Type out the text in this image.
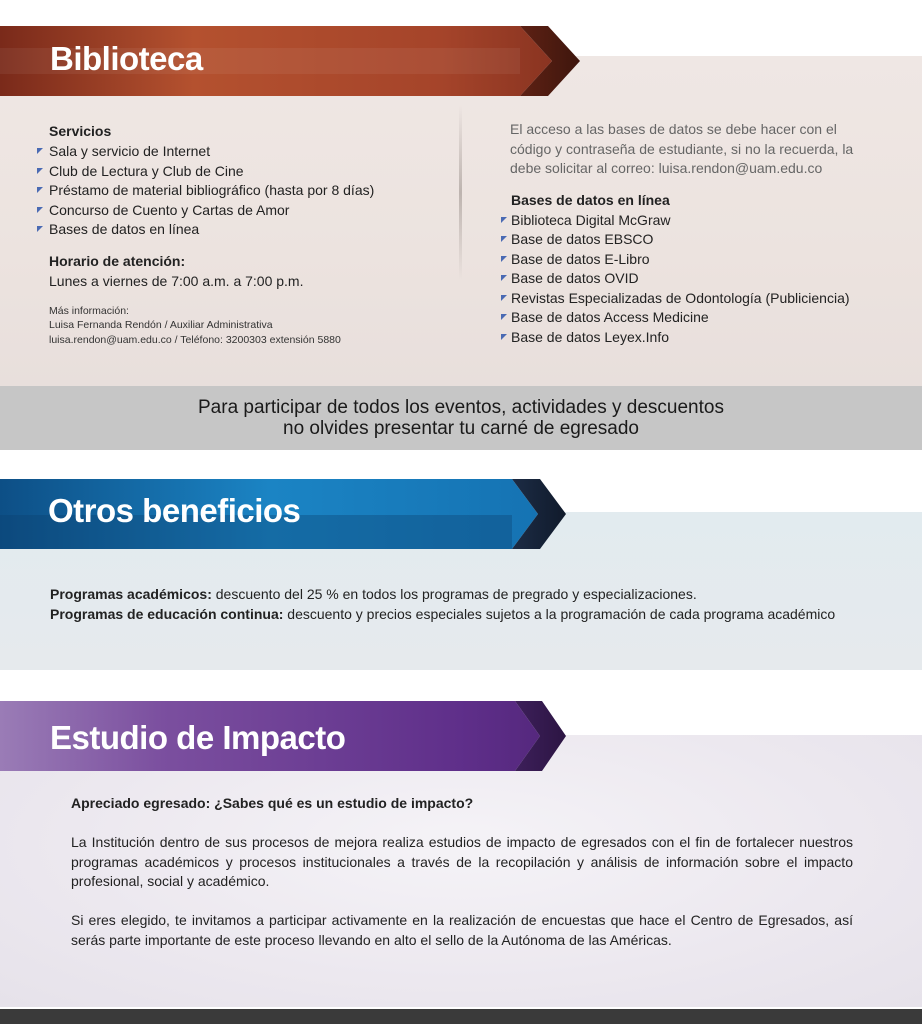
Biblioteca
Servicios
Sala y servicio de Internet
Club de Lectura y Club de Cine
Préstamo de material bibliográfico (hasta por 8 días)
Concurso de Cuento y Cartas de Amor
Bases de datos en línea
Horario de atención:
Lunes a viernes de 7:00 a.m. a 7:00 p.m.
Más información:
Luisa Fernanda Rendón / Auxiliar Administrativa
luisa.rendon@uam.edu.co / Teléfono: 3200303 extensión 5880
El acceso a las bases de datos se debe hacer con el código y contraseña de estudiante, si no la recuerda, la debe solicitar al correo: luisa.rendon@uam.edu.co
Bases de datos en línea
Biblioteca Digital McGraw
Base de datos EBSCO
Base de datos E-Libro
Base de datos OVID
Revistas Especializadas de Odontología (Publiciencia)
Base de datos Access Medicine
Base de datos Leyex.Info
Para participar de todos los eventos, actividades y descuentos
no olvides presentar tu carné de egresado
Otros beneficios
Programas académicos: descuento del 25 % en todos los programas de pregrado y especializaciones.
Programas de educación continua: descuento y precios especiales sujetos a la programación de cada programa académico
Estudio de Impacto

Apreciado egresado: ¿Sabes qué es un estudio de impacto?

La Institución dentro de sus procesos de mejora realiza estudios de impacto de egresados con el fin de fortalecer nuestros programas académicos y procesos institucionales a través de la recopilación y análisis de información sobre el impacto profesional, social y académico.

Si eres elegido, te invitamos a participar activamente en la realización de encuestas que hace el Centro de Egresados, así serás parte importante de este proceso llevando en alto el sello de la Autónoma de las Américas.
